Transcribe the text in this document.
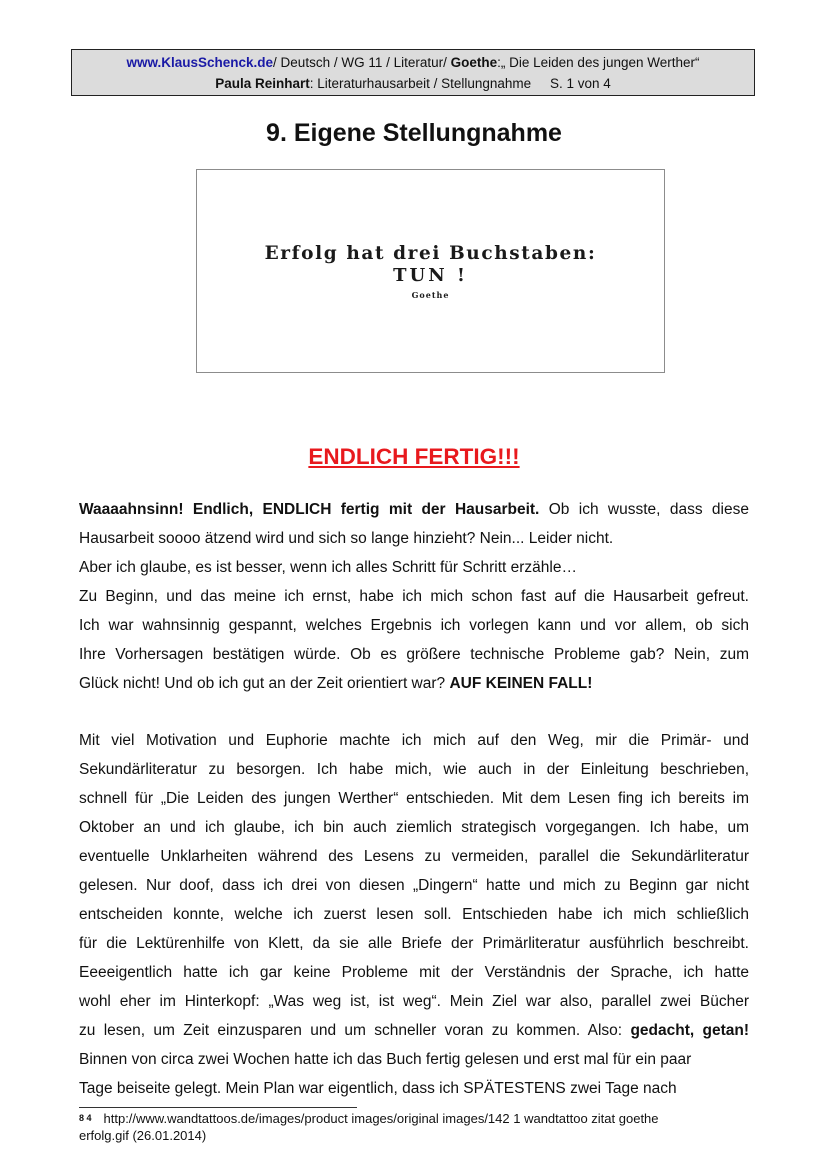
www.KlausSchenck.de/ Deutsch / WG 11 / Literatur/ Goethe:„ Die Leiden des jungen Werther“
Paula Reinhart: Literaturhausarbeit / Stellungnahme S. 1 von 4
9. Eigene Stellungnahme
Erfolg hat drei Buchstaben:
TUN !
Goethe
ENDLICH FERTIG!!!
Waaaahnsinn! Endlich, ENDLICH fertig mit der Hausarbeit. Ob ich wusste, dass diese
Hausarbeit soooo ätzend wird und sich so lange hinzieht? Nein... Leider nicht.
Aber ich glaube, es ist besser, wenn ich alles Schritt für Schritt erzähle…
Zu Beginn, und das meine ich ernst, habe ich mich schon fast auf die Hausarbeit gefreut.
Ich war wahnsinnig gespannt, welches Ergebnis ich vorlegen kann und vor allem, ob sich
Ihre Vorhersagen bestätigen würde. Ob es größere technische Probleme gab? Nein, zum
Glück nicht! Und ob ich gut an der Zeit orientiert war? AUF KEINEN FALL!
Mit viel Motivation und Euphorie machte ich mich auf den Weg, mir die Primär- und
Sekundärliteratur zu besorgen. Ich habe mich, wie auch in der Einleitung beschrieben,
schnell für „Die Leiden des jungen Werther“ entschieden. Mit dem Lesen fing ich bereits im
Oktober an und ich glaube, ich bin auch ziemlich strategisch vorgegangen. Ich habe, um
eventuelle Unklarheiten während des Lesens zu vermeiden, parallel die Sekundärliteratur
gelesen. Nur doof, dass ich drei von diesen „Dingern“ hatte und mich zu Beginn gar nicht
entscheiden konnte, welche ich zuerst lesen soll. Entschieden habe ich mich schließlich
für die Lektürenhilfe von Klett, da sie alle Briefe der Primärliteratur ausführlich beschreibt.
Eeeeigentlich hatte ich gar keine Probleme mit der Verständnis der Sprache, ich hatte
wohl eher im Hinterkopf: „Was weg ist, ist weg“. Mein Ziel war also, parallel zwei Bücher
zu lesen, um Zeit einzusparen und um schneller voran zu kommen. Also: gedacht, getan!
Binnen von circa zwei Wochen hatte ich das Buch fertig gelesen und erst mal für ein paar
Tage beiseite gelegt. Mein Plan war eigentlich, dass ich SPÄTESTENS zwei Tage nach
$^{8 4}$ http://www.wandtattoos.de/images/product images/original images/142 1 wandtattoo zitat goethe
erfolg.gif (26.01.2014)
